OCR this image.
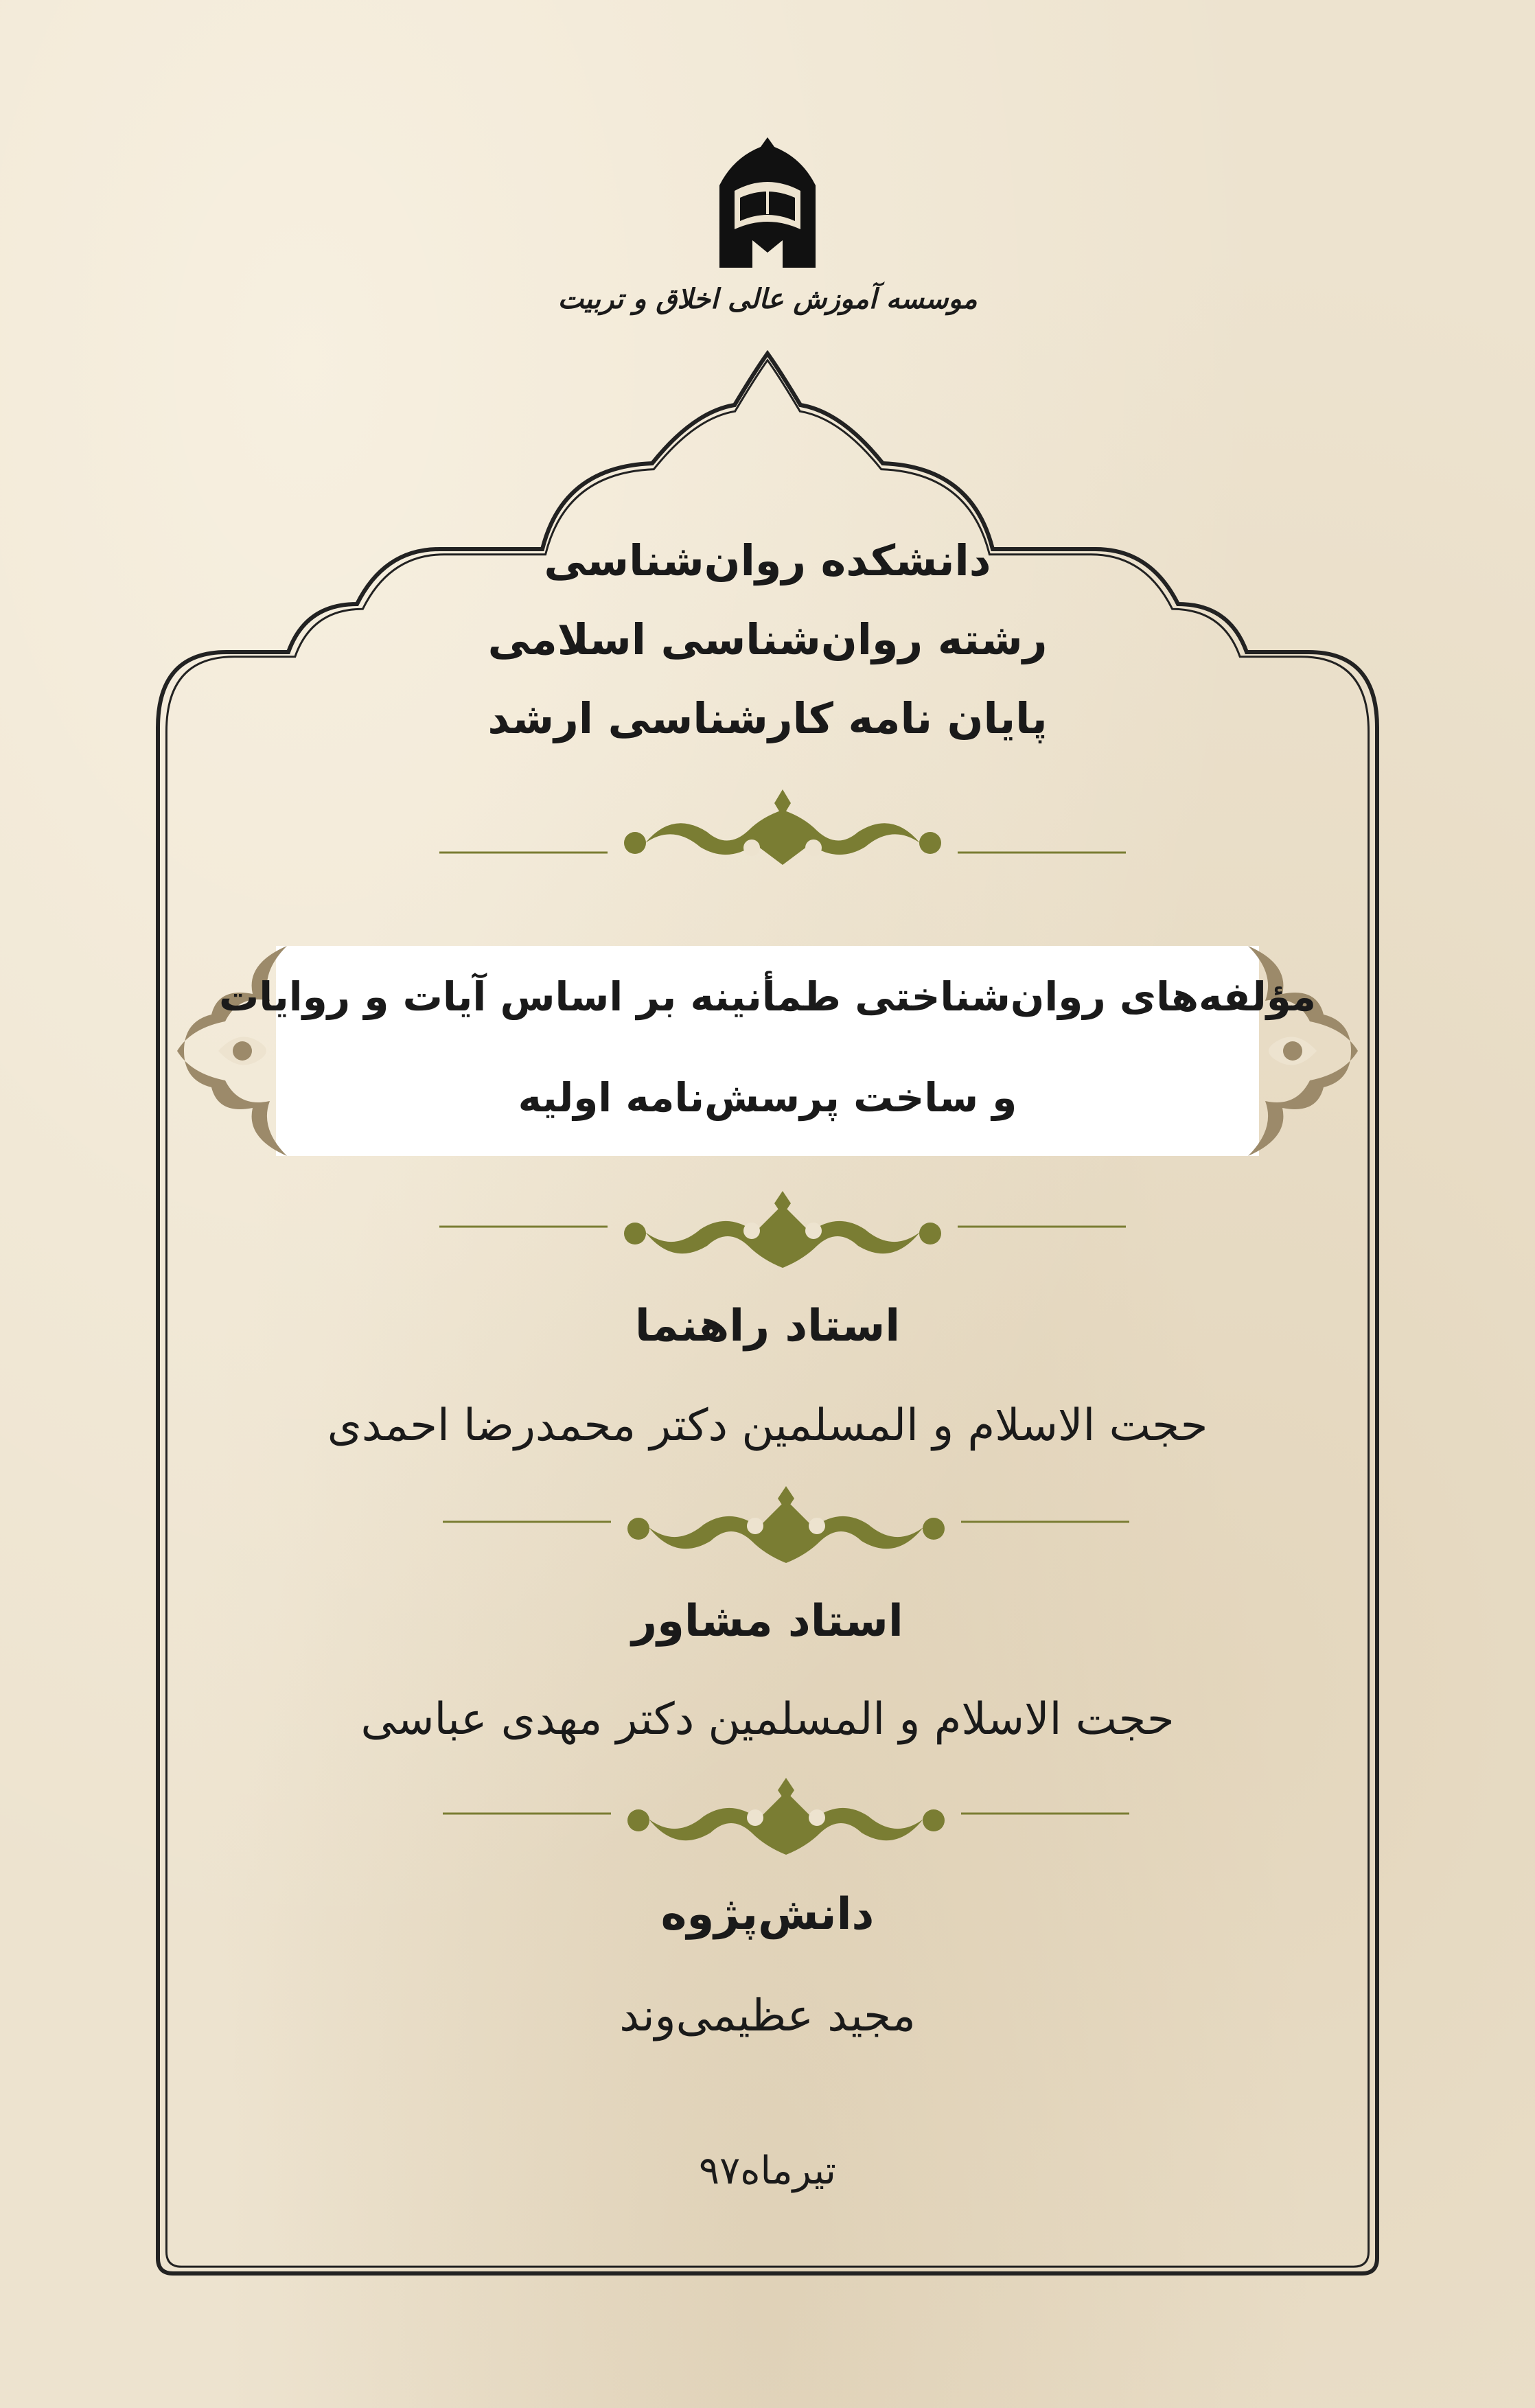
موسسه آموزش عالی اخلاق و تربیت

دانشکده روان‌شناسی

رشته روان‌شناسی اسلامی

پایان نامه کارشناسی ارشد

مؤلفه‌های روان‌شناختی طمأنینه بر اساس آیات و روایات

و ساخت پرسش‌نامه اولیه

استاد راهنما

حجت الاسلام و المسلمین دکتر محمدرضا احمدی

استاد مشاور

حجت الاسلام و المسلمین دکتر مهدی عباسی

دانش‌پژوه

مجید عظیمی‌وند

تیرماه۹۷
